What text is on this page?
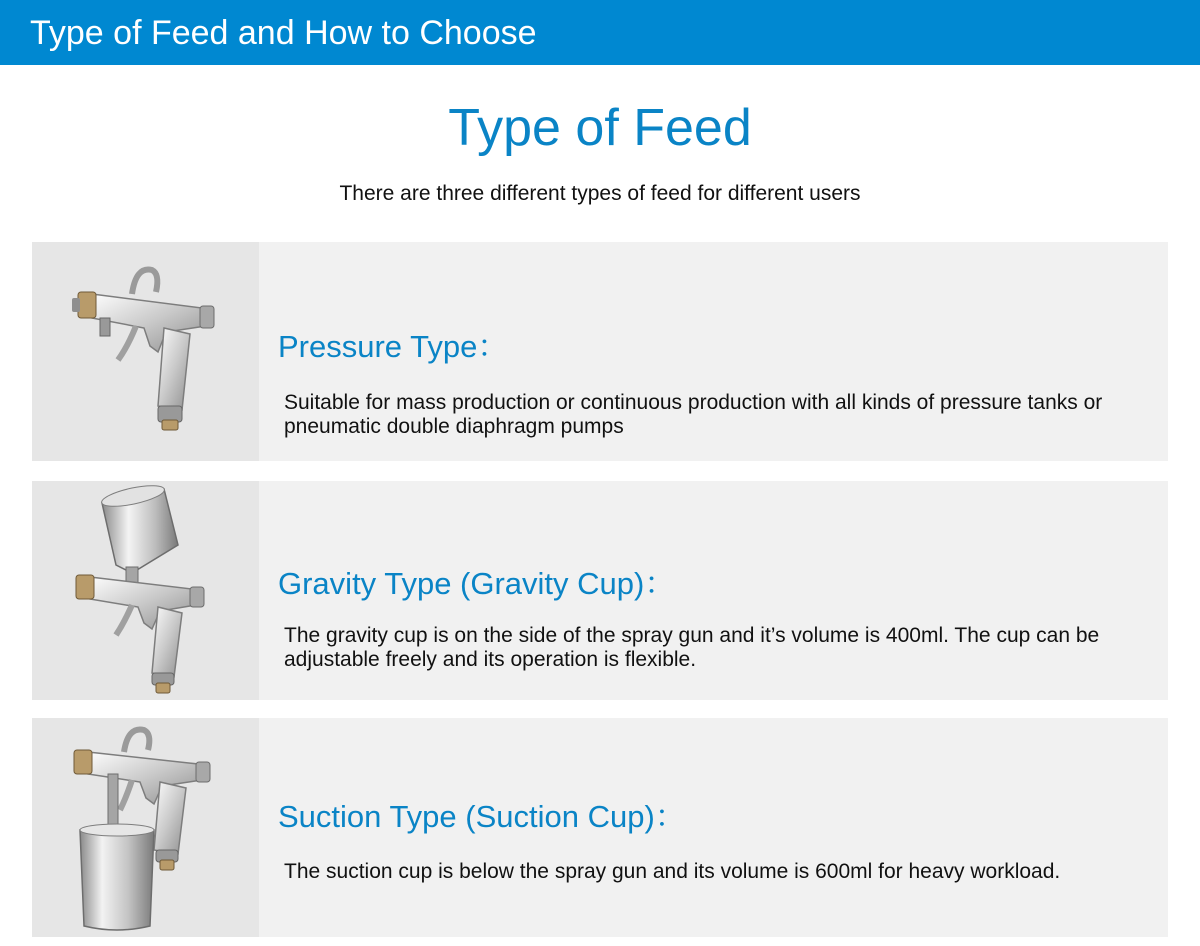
Type of Feed and How to Choose
Type of Feed
There are three different types of feed for different users
Pressure Type：
Suitable for mass production or continuous production with all kinds of pressure tanks or pneumatic double diaphragm pumps
Gravity Type (Gravity Cup)：
The gravity cup is on the side of the spray gun and it’s volume is 400ml. The cup can be adjustable freely and its operation is flexible.
Suction Type (Suction Cup)：
The suction cup is below the spray gun and its volume is 600ml for heavy workload.
